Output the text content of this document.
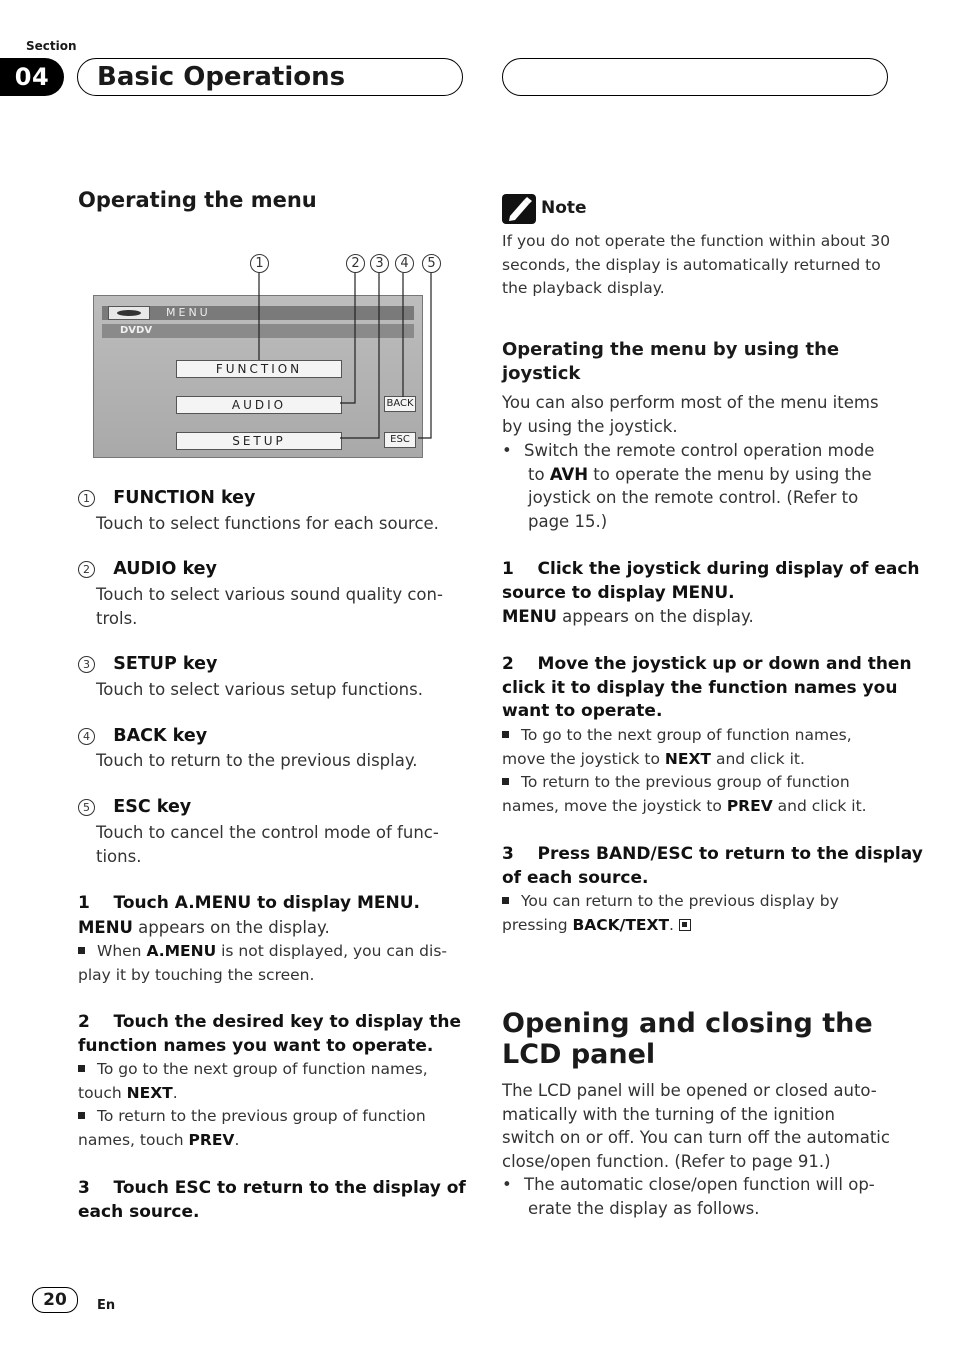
Section
04	Basic Operations
Operating the menu
1	2	3	4	5
MENU
DVDV
FUNCTION
AUDIO
SETUP
BACK
ESC
1 FUNCTION key
Touch to select functions for each source.
2 AUDIO key
Touch to select various sound quality con-
trols.
3 SETUP key
Touch to select various setup functions.
4 BACK key
Touch to return to the previous display.
5 ESC key
Touch to cancel the control mode of func-
tions.
1 Touch A.MENU to display MENU.
MENU appears on the display.
When A.MENU is not displayed, you can dis-
play it by touching the screen.
2 Touch the desired key to display the
function names you want to operate.
To go to the next group of function names,
touch NEXT.
To return to the previous group of function
names, touch PREV.
3 Touch ESC to return to the display of
each source.
Note
If you do not operate the function within about 30
seconds, the display is automatically returned to
the playback display.
Operating the menu by using the
joystick
You can also perform most of the menu items
by using the joystick.
• Switch the remote control operation mode
to AVH to operate the menu by using the
joystick on the remote control. (Refer to
page 15.)
1 Click the joystick during display of each
source to display MENU.
MENU appears on the display.
2 Move the joystick up or down and then
click it to display the function names you
want to operate.
To go to the next group of function names,
move the joystick to NEXT and click it.
To return to the previous group of function
names, move the joystick to PREV and click it.
3 Press BAND/ESC to return to the display
of each source.
You can return to the previous display by
pressing BACK/TEXT.
Opening and closing the
LCD panel
The LCD panel will be opened or closed auto-
matically with the turning of the ignition
switch on or off. You can turn off the automatic
close/open function. (Refer to page 91.)
• The automatic close/open function will op-
erate the display as follows.
20	En
